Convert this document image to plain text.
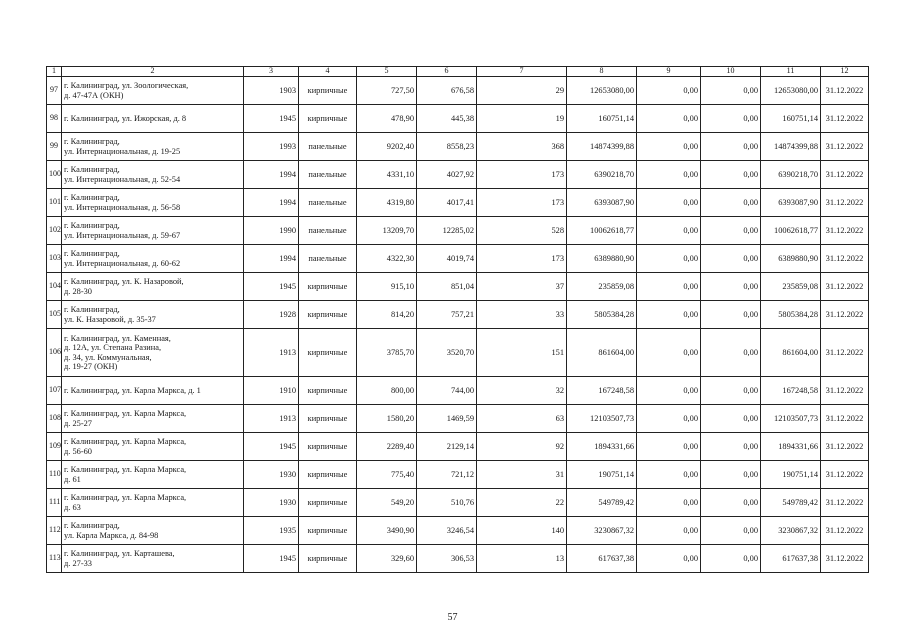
1	2	3	4	5	6	7	8	9	10	11	12
97	г. Калининград, ул. Зоологическая,
д. 47-47А (ОКН)	1903	кирпичные	727,50	676,58	29	12653080,00	0,00	0,00	12653080,00	31.12.2022
98	г. Калининград, ул. Ижорская, д. 8	1945	кирпичные	478,90	445,38	19	160751,14	0,00	0,00	160751,14	31.12.2022
99	г. Калининград,
ул. Интернациональная, д. 19-25	1993	панельные	9202,40	8558,23	368	14874399,88	0,00	0,00	14874399,88	31.12.2022
100	г. Калининград,
ул. Интернациональная, д. 52-54	1994	панельные	4331,10	4027,92	173	6390218,70	0,00	0,00	6390218,70	31.12.2022
101	г. Калининград,
ул. Интернациональная, д. 56-58	1994	панельные	4319,80	4017,41	173	6393087,90	0,00	0,00	6393087,90	31.12.2022
102	г. Калининград,
ул. Интернациональная, д. 59-67	1990	панельные	13209,70	12285,02	528	10062618,77	0,00	0,00	10062618,77	31.12.2022
103	г. Калининград,
ул. Интернациональная, д. 60-62	1994	панельные	4322,30	4019,74	173	6389880,90	0,00	0,00	6389880,90	31.12.2022
104	г. Калининград, ул. К. Назаровой,
д. 28-30	1945	кирпичные	915,10	851,04	37	235859,08	0,00	0,00	235859,08	31.12.2022
105	г. Калининград,
ул. К. Назаровой, д. 35-37	1928	кирпичные	814,20	757,21	33	5805384,28	0,00	0,00	5805384,28	31.12.2022
106	г. Калининград, ул. Каменная,
д. 12А, ул. Степана Разина,
д. 34, ул. Коммунальная,
д. 19-27 (ОКН)	1913	кирпичные	3785,70	3520,70	151	861604,00	0,00	0,00	861604,00	31.12.2022
107	г. Калининград, ул. Карла Маркса, д. 1	1910	кирпичные	800,00	744,00	32	167248,58	0,00	0,00	167248,58	31.12.2022
108	г. Калининград, ул. Карла Маркса,
д. 25-27	1913	кирпичные	1580,20	1469,59	63	12103507,73	0,00	0,00	12103507,73	31.12.2022
109	г. Калининград, ул. Карла Маркса,
д. 56-60	1945	кирпичные	2289,40	2129,14	92	1894331,66	0,00	0,00	1894331,66	31.12.2022
110	г. Калининград, ул. Карла Маркса,
д. 61	1930	кирпичные	775,40	721,12	31	190751,14	0,00	0,00	190751,14	31.12.2022
111	г. Калининград, ул. Карла Маркса,
д. 63	1930	кирпичные	549,20	510,76	22	549789,42	0,00	0,00	549789,42	31.12.2022
112	г. Калининград,
ул. Карла Маркса, д. 84-98	1935	кирпичные	3490,90	3246,54	140	3230867,32	0,00	0,00	3230867,32	31.12.2022
113	г. Калининград, ул. Карташева,
д. 27-33	1945	кирпичные	329,60	306,53	13	617637,38	0,00	0,00	617637,38	31.12.2022
57
